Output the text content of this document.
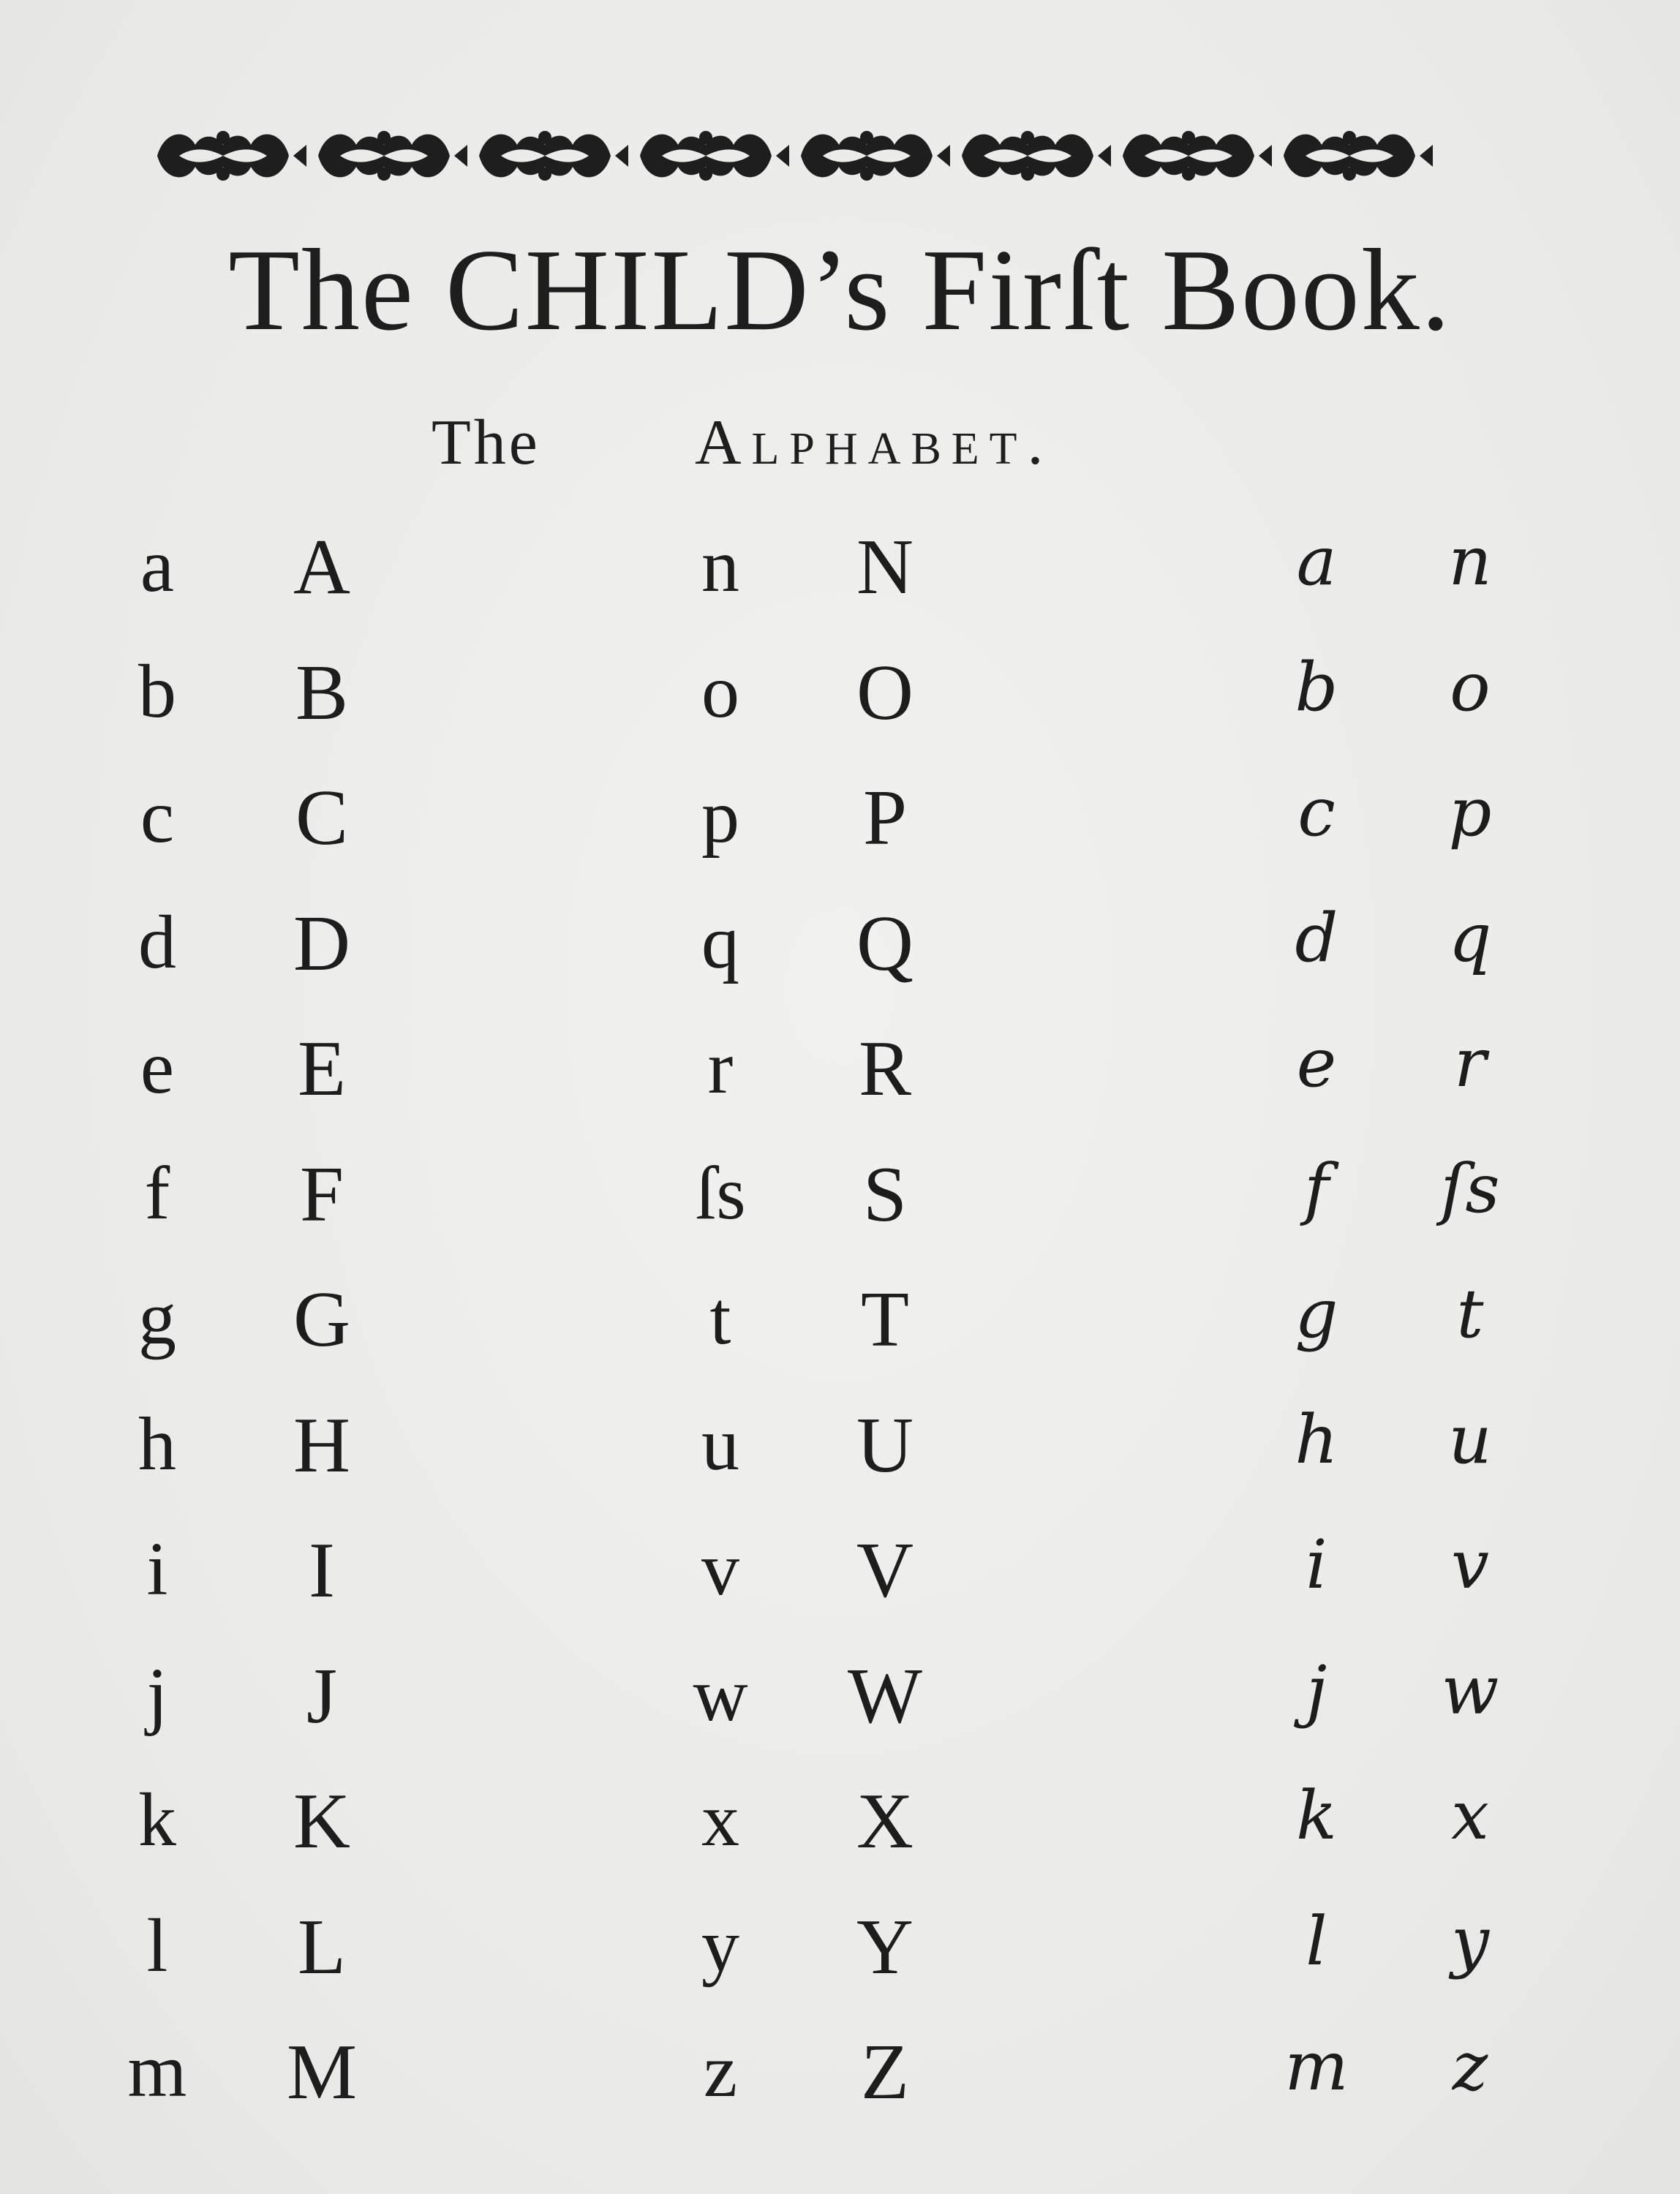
The CHILD’s Firſt Book.
The Alphabet.
a
b
c
d
e
f
g
h
i
j
k
l
m
A
B
C
D
E
F
G
H
I
J
K
L
M
n
o
p
q
r
ſs
t
u
v
w
x
y
z
N
O
P
Q
R
S
T
U
V
W
X
Y
Z
a
b
c
d
e
f
g
h
i
j
k
l
m
n
o
p
q
r
ſs
t
u
v
w
x
y
z
